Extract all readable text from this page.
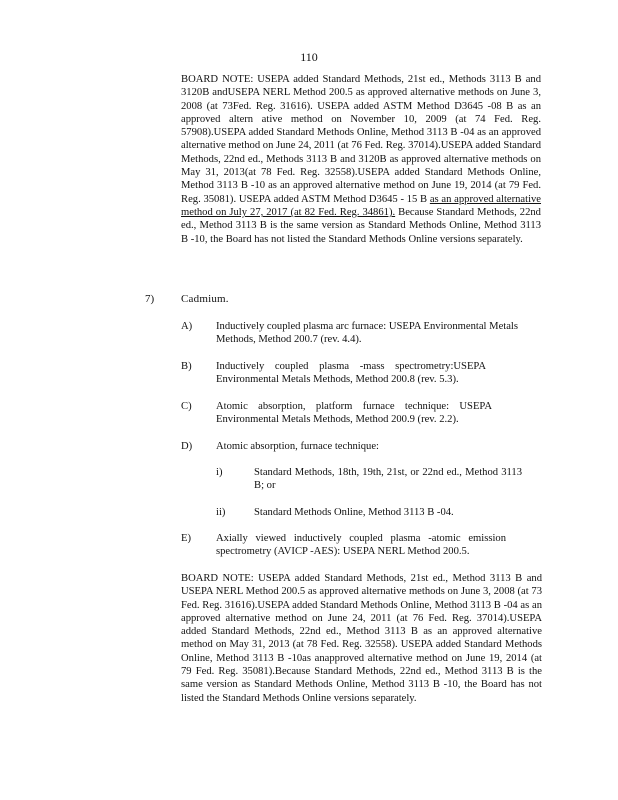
110
BOARD NOTE: USEPA added Standard Methods, 21st ed., Methods 3113 B and 3120B andUSEPA NERL Method 200.5 as approved alternative methods on June 3, 2008 (at 73Fed. Reg. 31616). USEPA added ASTM Method D3645 -08 B as an approved altern ative method on November 10, 2009 (at 74 Fed. Reg. 57908).USEPA added Standard Methods Online, Method 3113 B -04 as an approved alternative method on June 24, 2011 (at 76 Fed. Reg. 37014).USEPA added Standard Methods, 22nd ed., Methods 3113 B and 3120B as approved alternative methods on May 31, 2013(at 78 Fed. Reg. 32558).USEPA added Standard Methods Online, Method 3113 B -10 as an approved alternative method on June 19, 2014 (at 79 Fed. Reg. 35081). USEPA added ASTM Method D3645 - 15 B as an approved alternative method on July 27, 2017 (at 82 Fed. Reg. 34861). Because Standard Methods, 22nd ed., Method 3113 B is the same version as Standard Methods Online, Method 3113 B -10, the Board has not listed the Standard Methods Online versions separately.
7) Cadmium.
A) Inductively coupled plasma arc furnace: USEPA Environmental Metals Methods, Method 200.7 (rev. 4.4).
B) Inductively coupled plasma -mass spectrometry:USEPA Environmental Metals Methods, Method 200.8 (rev. 5.3).
C) Atomic absorption, platform furnace technique: USEPA Environmental Metals Methods, Method 200.9 (rev. 2.2).
D) Atomic absorption, furnace technique:
i)	Standard Methods, 18th, 19th, 21st, or 22nd ed., Method 3113 B; or
ii)	Standard Methods Online, Method 3113 B -04.
E) Axially viewed inductively coupled plasma -atomic emission spectrometry (AVICP -AES): USEPA NERL Method 200.5.
BOARD NOTE: USEPA added Standard Methods, 21st ed., Method 3113 B and USEPA NERL Method 200.5 as approved alternative methods on June 3, 2008 (at 73 Fed. Reg. 31616).USEPA added Standard Methods Online, Method 3113 B -04 as an approved alternative method on June 24, 2011 (at 76 Fed. Reg. 37014).USEPA added Standard Methods, 22nd ed., Method 3113 B as an approved alternative method on May 31, 2013 (at 78 Fed. Reg. 32558). USEPA added Standard Methods Online, Method 3113 B -10as anapproved alternative method on June 19, 2014 (at 79 Fed. Reg. 35081).Because Standard Methods, 22nd ed., Method 3113 B is the same version as Standard Methods Online, Method 3113 B -10, the Board has not listed the Standard Methods Online versions separately.
